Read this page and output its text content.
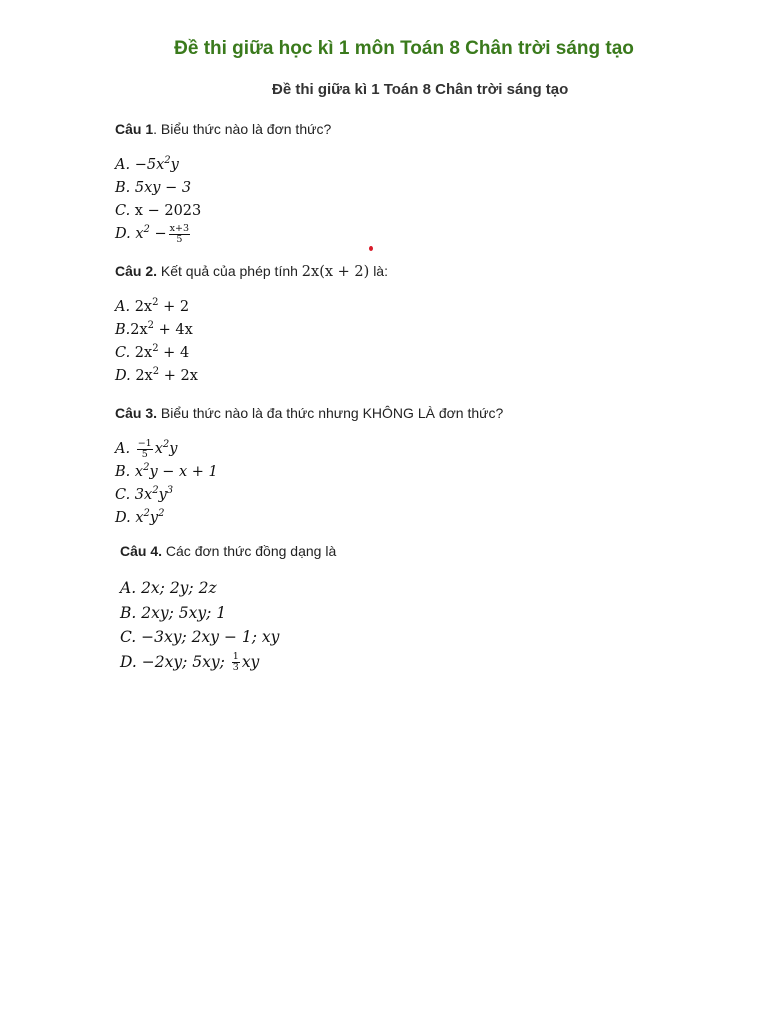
Đề thi giữa học kì 1 môn Toán 8 Chân trời sáng tạo
Đề thi giữa kì 1 Toán 8 Chân trời sáng tạo
Câu 1. Biểu thức nào là đơn thức?
A. $-5x^2y$
B. 5xy − 3
C. x − 2023
D. $x^2 - \frac{x+3}{5}$
Câu 2. Kết quả của phép tính 2x(x + 2) là:
A. $2x^2 + 2$
$B.2x^2 + 4x$
C. $2x^2 + 4$
D. $2x^2 + 2x$
Câu 3. Biểu thức nào là đa thức nhưng KHÔNG LÀ đơn thức?
A. $\frac{-1}{5} x^2y$
B. $x^2y - x + 1$
C. $3x^2y^3$
D. $x^2y^2$
Câu 4. Các đơn thức đồng dạng là
A. 2x; 2y; 2z
B. 2xy; 5xy; 1
C. −3xy; 2xy − 1; xy
D. −2xy; 5xy; $\frac{1}{3}$ xy
